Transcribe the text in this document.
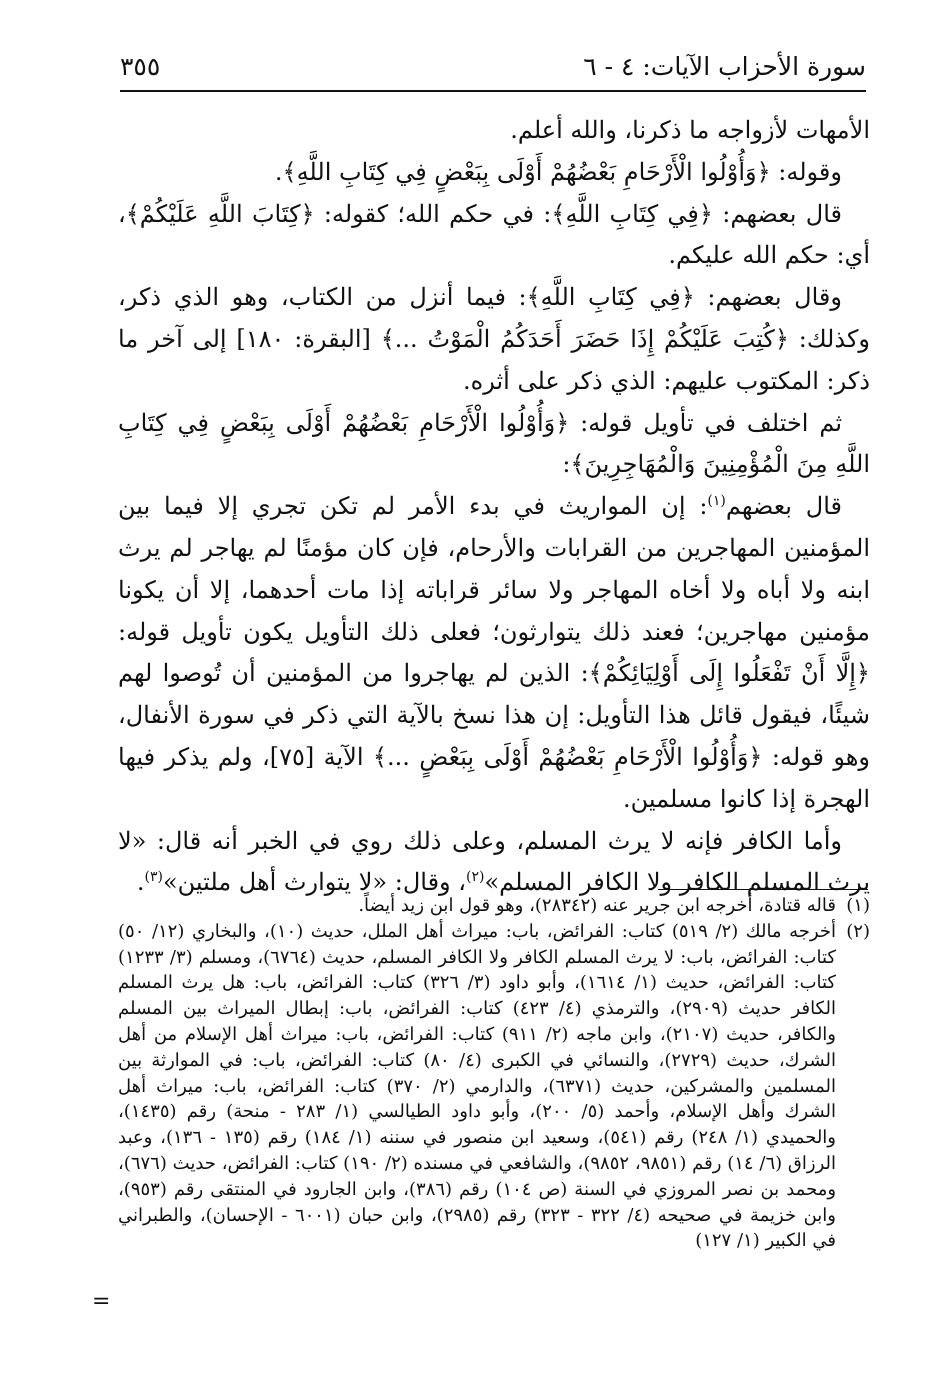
سورة الأحزاب الآيات: ٤ - ٦
٣٥٥

الأمهات لأزواجه ما ذكرنا، والله أعلم.

وقوله: ﴿وَأُوْلُوا الْأَرْحَامِ بَعْضُهُمْ أَوْلَى بِبَعْضٍ فِي كِتَابِ اللَّهِ﴾.

قال بعضهم: ﴿فِي كِتَابِ اللَّهِ﴾: في حكم الله؛ كقوله: ﴿كِتَابَ اللَّهِ عَلَيْكُمْ﴾، أي: حكم الله عليكم.

وقال بعضهم: ﴿فِي كِتَابِ اللَّهِ﴾: فيما أنزل من الكتاب، وهو الذي ذكر، وكذلك: ﴿كُتِبَ عَلَيْكُمْ إِذَا حَضَرَ أَحَدَكُمُ الْمَوْتُ ...﴾ [البقرة: ١٨٠] إلى آخر ما ذكر: المكتوب عليهم: الذي ذكر على أثره.

ثم اختلف في تأويل قوله: ﴿وَأُوْلُوا الْأَرْحَامِ بَعْضُهُمْ أَوْلَى بِبَعْضٍ فِي كِتَابِ اللَّهِ مِنَ الْمُؤْمِنِينَ وَالْمُهَاجِرِينَ﴾:

قال بعضهم$^{(١)}$: إن المواريث في بدء الأمر لم تكن تجري إلا فيما بين المؤمنين المهاجرين من القرابات والأرحام، فإن كان مؤمنًا لم يهاجر لم يرث ابنه ولا أباه ولا أخاه المهاجر ولا سائر قراباته إذا مات أحدهما، إلا أن يكونا مؤمنين مهاجرين؛ فعند ذلك يتوارثون؛ فعلى ذلك التأويل يكون تأويل قوله: ﴿إِلَّا أَنْ تَفْعَلُوا إِلَى أَوْلِيَائِكُمْ﴾: الذين لم يهاجروا من المؤمنين أن تُوصوا لهم شيئًا، فيقول قائل هذا التأويل: إن هذا نسخ بالآية التي ذكر في سورة الأنفال، وهو قوله: ﴿وَأُوْلُوا الْأَرْحَامِ بَعْضُهُمْ أَوْلَى بِبَعْضٍ ...﴾ الآية [٧٥]، ولم يذكر فيها الهجرة إذا كانوا مسلمين.

وأما الكافر فإنه لا يرث المسلم، وعلى ذلك روي في الخبر أنه قال: «لا يرث المسلم الكافر ولا الكافر المسلم»$^{(٢)}$، وقال: «لا يتوارث أهل ملتين»$^{(٣)}$.

(١)
قاله قتادة، أخرجه ابن جرير عنه (٢٨٣٤٢)، وهو قول ابن زيد أيضاً.
(٢)
أخرجه مالك (٢/ ٥١٩) كتاب: الفرائض، باب: ميراث أهل الملل، حديث (١٠)، والبخاري (١٢/ ٥٠) كتاب: الفرائض، باب: لا يرث المسلم الكافر ولا الكافر المسلم، حديث (٦٧٦٤)، ومسلم (٣/ ١٢٣٣) كتاب: الفرائض، حديث (١/ ١٦١٤)، وأبو داود (٣/ ٣٢٦) كتاب: الفرائض، باب: هل يرث المسلم الكافر حديث (٢٩٠٩)، والترمذي (٤/ ٤٢٣) كتاب: الفرائض، باب: إبطال الميراث بين المسلم والكافر، حديث (٢١٠٧)، وابن ماجه (٢/ ٩١١) كتاب: الفرائض، باب: ميراث أهل الإسلام من أهل الشرك، حديث (٢٧٢٩)، والنسائي في الكبرى (٤/ ٨٠) كتاب: الفرائض، باب: في الموارثة بين المسلمين والمشركين، حديث (٦٣٧١)، والدارمي (٢/ ٣٧٠) كتاب: الفرائض، باب: ميراث أهل الشرك وأهل الإسلام، وأحمد (٥/ ٢٠٠)، وأبو داود الطيالسي (١/ ٢٨٣ - منحة) رقم (١٤٣٥)، والحميدي (١/ ٢٤٨) رقم (٥٤١)، وسعيد ابن منصور في سننه (١/ ١٨٤) رقم (١٣٥ - ١٣٦)، وعبد الرزاق (٦/ ١٤) رقم (٩٨٥١، ٩٨٥٢)، والشافعي في مسنده (٢/ ١٩٠) كتاب: الفرائض، حديث (٦٧٦)، ومحمد بن نصر المروزي في السنة (ص ١٠٤) رقم (٣٨٦)، وابن الجارود في المنتقى رقم (٩٥٣)، وابن خزيمة في صحيحه (٤/ ٣٢٢ - ٣٢٣) رقم (٢٩٨٥)، وابن حبان (٦٠٠١ - الإحسان)، والطبراني في الكبير (١/ ١٢٧)
=
